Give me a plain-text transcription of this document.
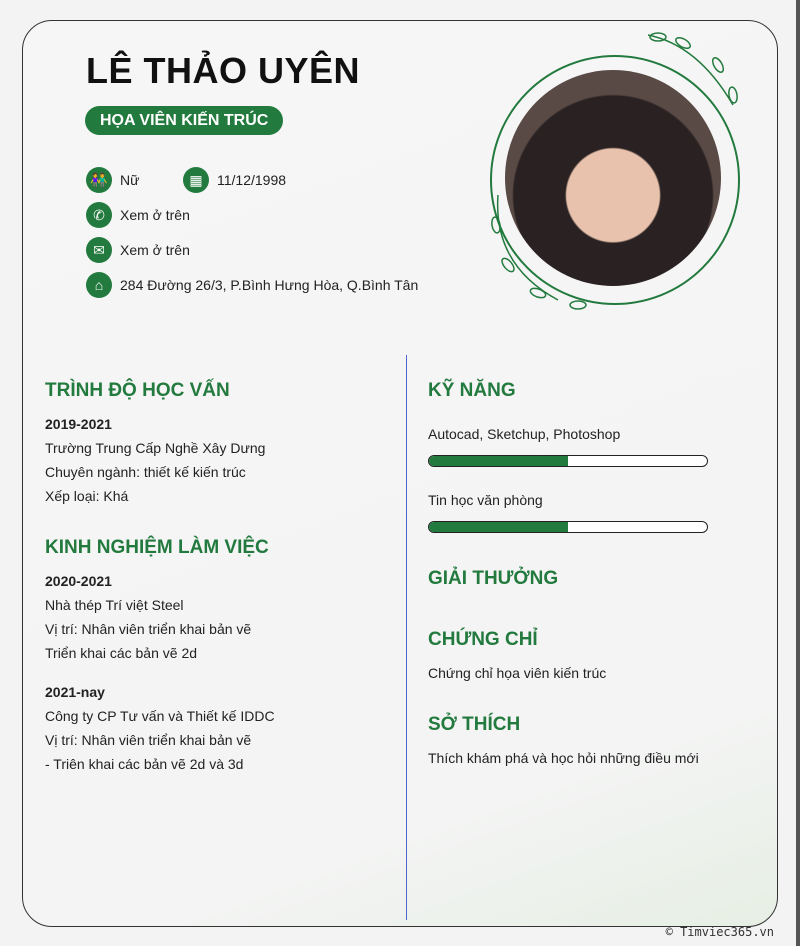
LÊ THẢO UYÊN
HỌA VIÊN KIẾN TRÚC
👫 Nữ	▦	11/12/1998
✆	Xem ở trên
✉	Xem ở trên
⌂	284 Đường 26/3, P.Bình Hưng Hòa, Q.Bình Tân
TRÌNH ĐỘ HỌC VẤN
2019-2021
Trường Trung Cấp Nghề Xây Dưng
Chuyên ngành: thiết kế kiến trúc
Xếp loại: Khá
KINH NGHIỆM LÀM VIỆC
2020-2021
Nhà thép Trí việt Steel
Vị trí: Nhân viên triển khai bản vẽ
Triển khai các bản vẽ 2d
2021-nay
Công ty CP Tư vấn và Thiết kế IDDC
Vị trí: Nhân viên triển khai bản vẽ
- Triên khai các bản vẽ 2d và 3d
KỸ NĂNG
Autocad, Sketchup, Photoshop
Tin học văn phòng
GIẢI THƯỞNG
CHỨNG CHỈ
Chứng chỉ họa viên kiến trúc
SỞ THÍCH
Thích khám phá và học hỏi những điều mới
© Timviec365.vn
